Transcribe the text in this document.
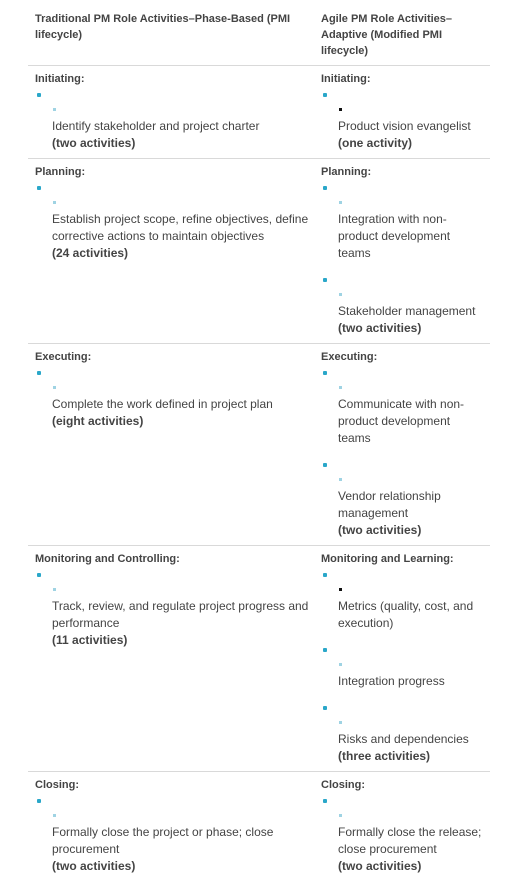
Traditional PM Role Activities–Phase-Based (PMI lifecycle)
Agile PM Role Activities–Adaptive (Modified PMI lifecycle)
Initiating:
Identify stakeholder and project charter
(two activities)
Initiating:
Product vision evangelist
(one activity)
Planning:
Establish project scope, refine objectives, define corrective actions to maintain objectives
(24 activities)
Planning:
Integration with non-product development teams
Stakeholder management
(two activities)
Executing:
Complete the work defined in project plan
(eight activities)
Executing:
Communicate with non-product development teams
Vendor relationship management
(two activities)
Monitoring and Controlling:
Track, review, and regulate project progress and performance
(11 activities)
Monitoring and Learning:
Metrics (quality, cost, and execution)
Integration progress
Risks and dependencies
(three activities)
Closing:
Formally close the project or phase; close procurement
(two activities)
Closing:
Formally close the release; close procurement
(two activities)
